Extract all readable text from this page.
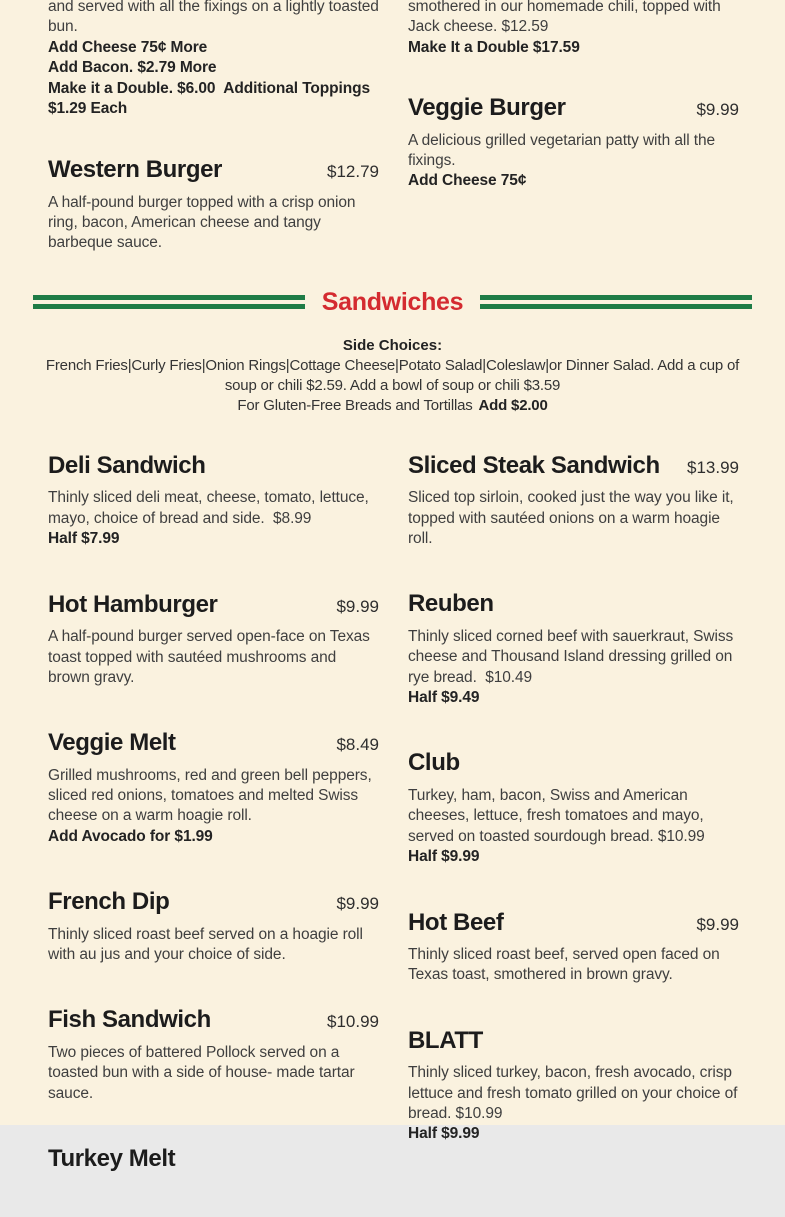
and served with all the fixings on a lightly toasted bun.

Add Cheese 75¢ More

Add Bacon. $2.79 More

Make it a Double. $6.00  Additional Toppings $1.29 Each

Western Burger	$12.79

A half-pound burger topped with a crisp onion ring, bacon, American cheese and tangy barbeque sauce.

smothered in our homemade chili, topped with Jack cheese. $12.59

Make It a Double $17.59

Veggie Burger	$9.99

A delicious grilled vegetarian patty with all the fixings.

Add Cheese 75¢

Sandwiches

Side Choices:

French Fries|Curly Fries|Onion Rings|Cottage Cheese|Potato Salad|Coleslaw|or Dinner Salad. Add a cup of soup or chili $2.59. Add a bowl of soup or chili $3.59

For Gluten-Free Breads and Tortillas Add $2.00

Deli Sandwich

Thinly sliced deli meat, cheese, tomato, lettuce, mayo, choice of bread and side.  $8.99

Half $7.99

Hot Hamburger	$9.99

A half-pound burger served open-face on Texas toast topped with sautéed mushrooms and brown gravy.

Veggie Melt	$8.49

Grilled mushrooms, red and green bell peppers, sliced red onions, tomatoes and melted Swiss cheese on a warm hoagie roll.

Add Avocado for $1.99

French Dip	$9.99

Thinly sliced roast beef served on a hoagie roll with au jus and your choice of side.

Fish Sandwich	$10.99

Two pieces of battered Pollock served on a toasted bun with a side of house- made tartar sauce.

Turkey Melt
Sliced Steak Sandwich	$13.99

Sliced top sirloin, cooked just the way you like it, topped with sautéed onions on a warm hoagie roll.

Reuben

Thinly sliced corned beef with sauerkraut, Swiss cheese and Thousand Island dressing grilled on rye bread.  $10.49

Half $9.49

Club

Turkey, ham, bacon, Swiss and American cheeses, lettuce, fresh tomatoes and mayo, served on toasted sourdough bread. $10.99

Half $9.99

Hot Beef	$9.99

Thinly sliced roast beef, served open faced on Texas toast, smothered in brown gravy.

BLATT

Thinly sliced turkey, bacon, fresh avocado, crisp lettuce and fresh tomato grilled on your choice of bread. $10.99

Half $9.99
